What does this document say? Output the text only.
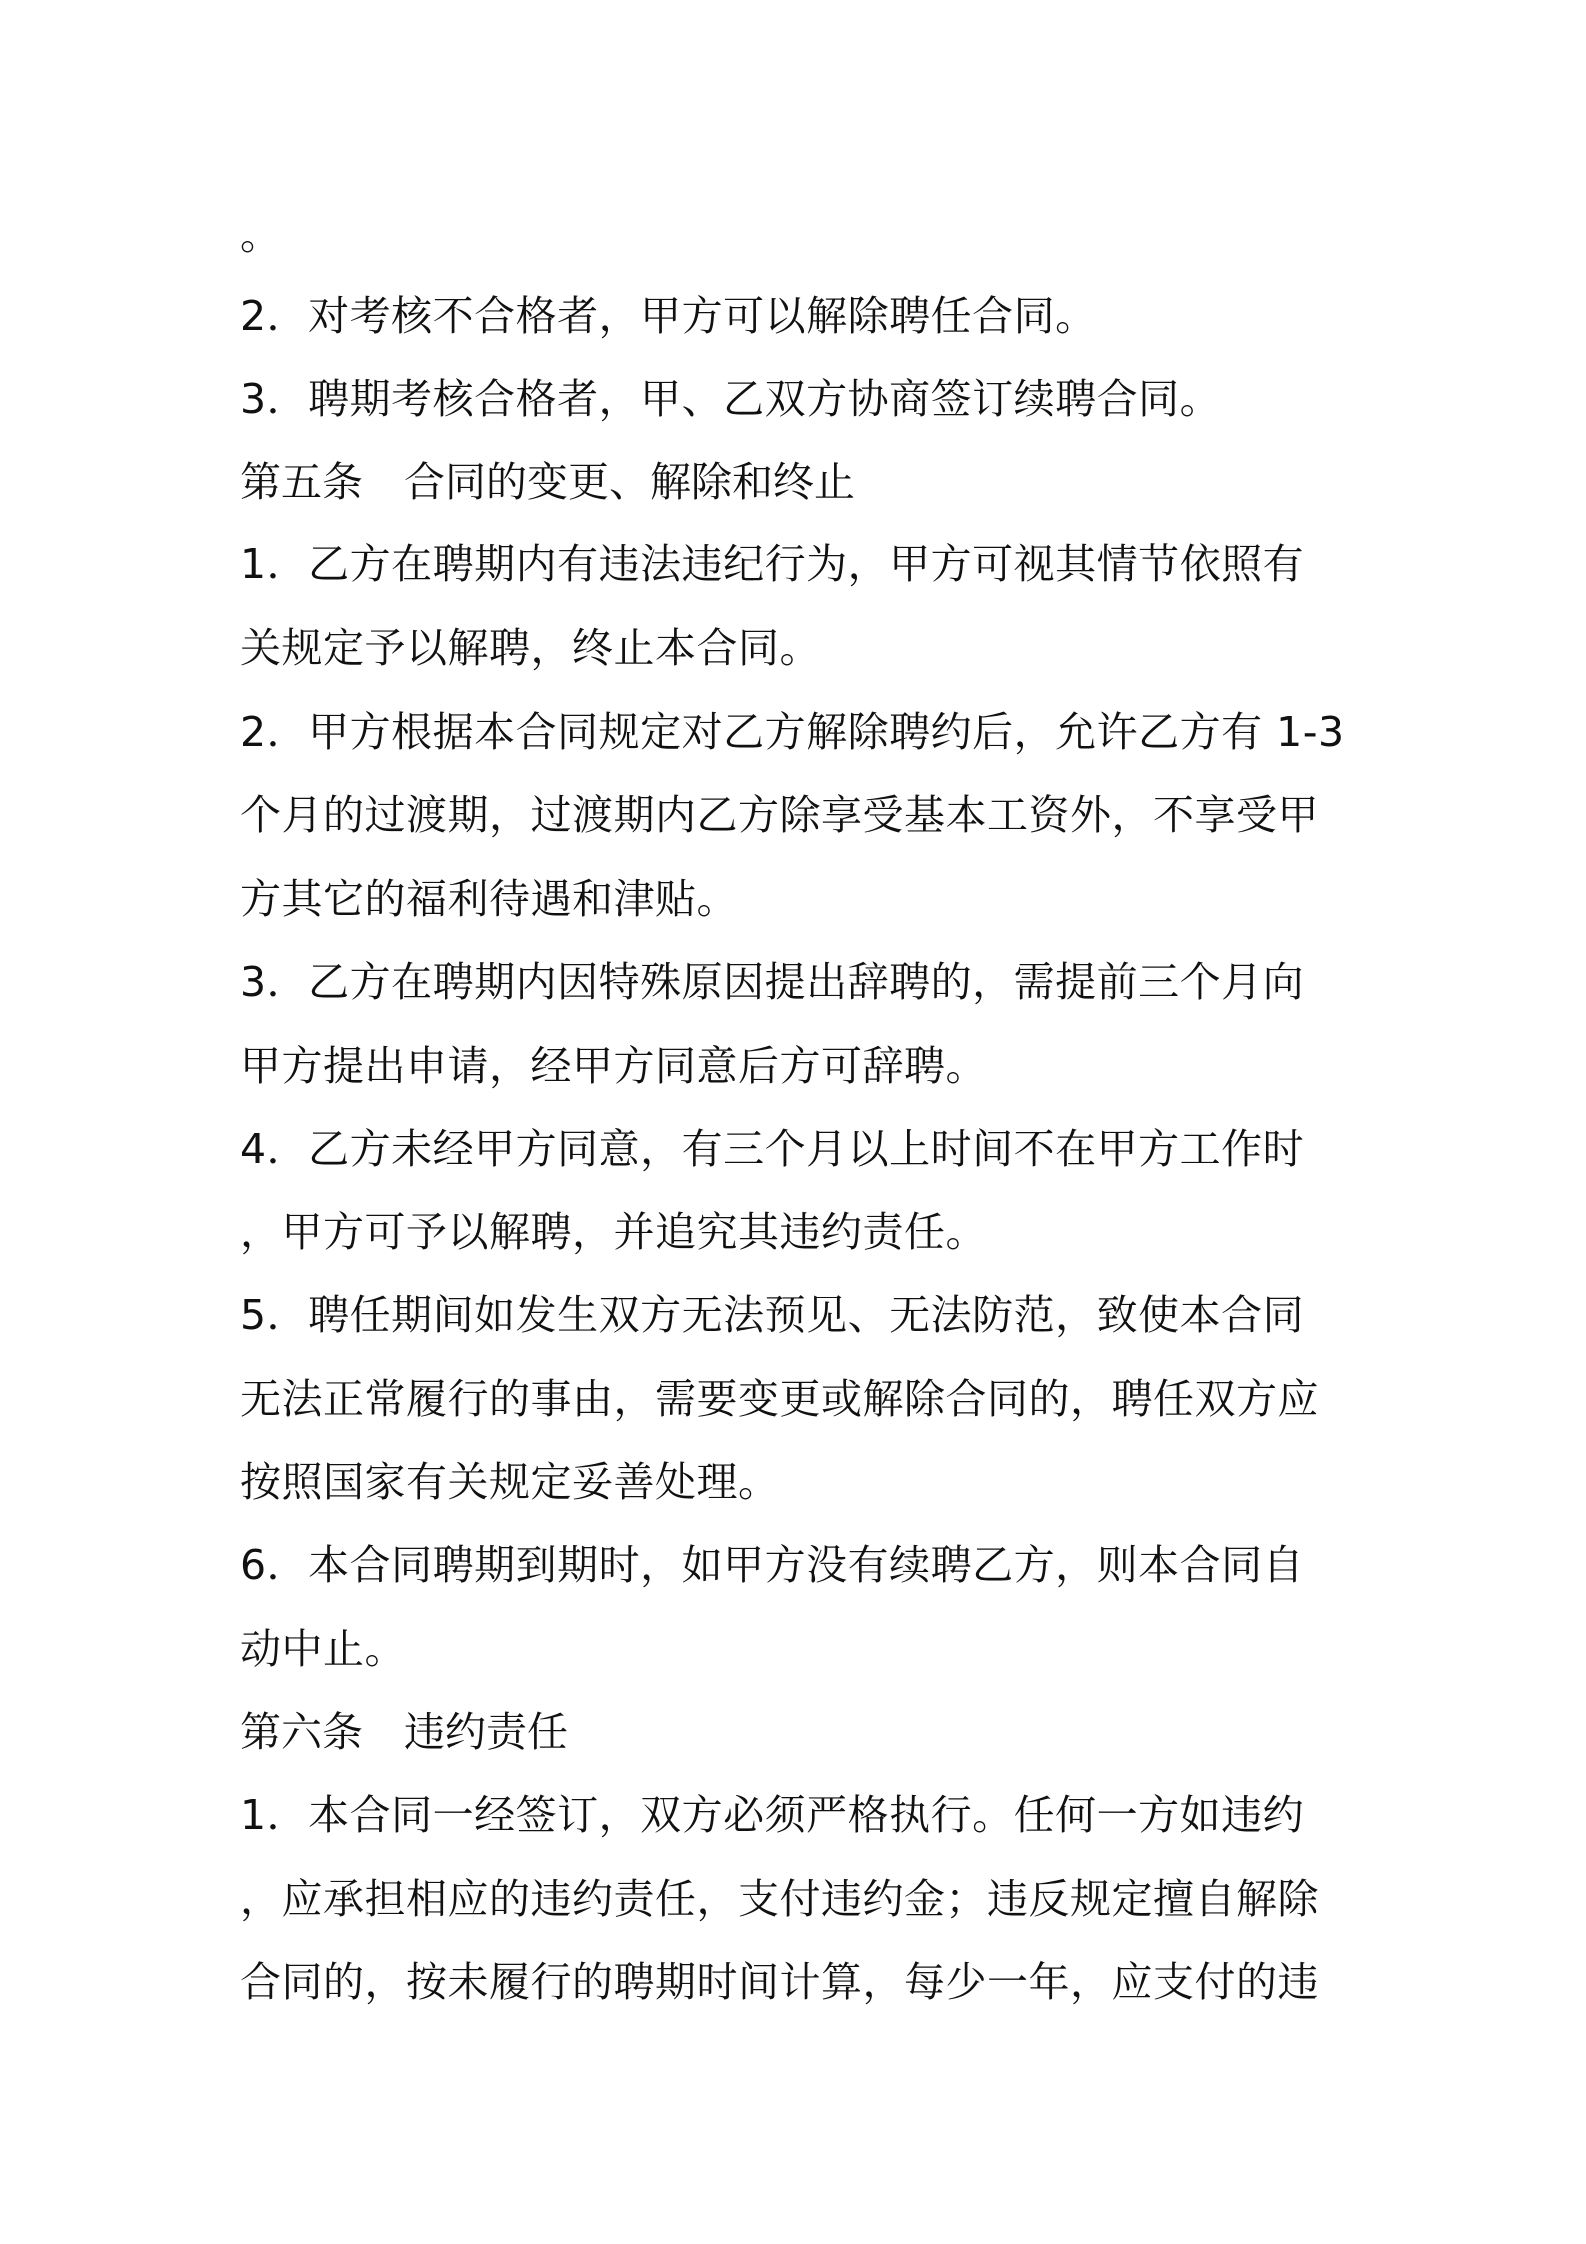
。
2．对考核不合格者，甲方可以解除聘任合同。
3．聘期考核合格者，甲、乙双方协商签订续聘合同。
第五条　合同的变更、解除和终止
1．乙方在聘期内有违法违纪行为，甲方可视其情节依照有
关规定予以解聘，终止本合同。
2．甲方根据本合同规定对乙方解除聘约后，允许乙方有 1-3
个月的过渡期，过渡期内乙方除享受基本工资外，不享受甲
方其它的福利待遇和津贴。
3．乙方在聘期内因特殊原因提出辞聘的，需提前三个月向
甲方提出申请，经甲方同意后方可辞聘。
4．乙方未经甲方同意，有三个月以上时间不在甲方工作时
，甲方可予以解聘，并追究其违约责任。
5．聘任期间如发生双方无法预见、无法防范，致使本合同
无法正常履行的事由，需要变更或解除合同的，聘任双方应
按照国家有关规定妥善处理。
6．本合同聘期到期时，如甲方没有续聘乙方，则本合同自
动中止。
第六条　违约责任
1．本合同一经签订，双方必须严格执行。任何一方如违约
，应承担相应的违约责任，支付违约金；违反规定擅自解除
合同的，按未履行的聘期时间计算，每少一年，应支付的违
